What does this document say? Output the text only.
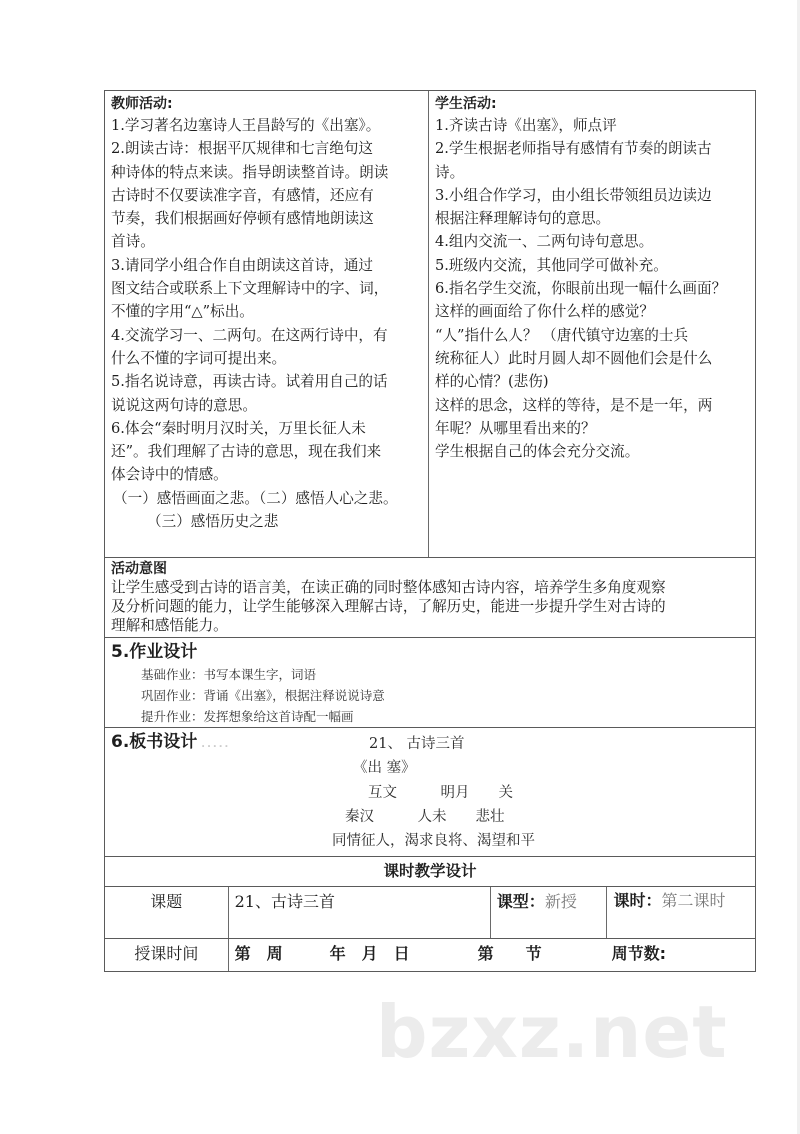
教师活动:
1.学习著名边塞诗人王昌龄写的《出塞》。
2.朗读古诗：根据平仄规律和七言绝句这
种诗体的特点来读。指导朗读整首诗。朗读
古诗时不仅要读准字音，有感情，还应有
节奏，我们根据画好停顿有感情地朗读这
首诗。
3.请同学小组合作自由朗读这首诗，通过
图文结合或联系上下文理解诗中的字、词，
不懂的字用“△”标出。
4.交流学习一、二两句。在这两行诗中，有
什么不懂的字词可提出来。
5.指名说诗意，再读古诗。试着用自己的话
说说这两句诗的意思。
6.体会“秦时明月汉时关，万里长征人未
还”。我们理解了古诗的意思，现在我们来
体会诗中的情感。
（一）感悟画面之悲。（二）感悟人心之悲。
（三）感悟历史之悲
学生活动:
1.齐读古诗《出塞》，师点评
2.学生根据老师指导有感情有节奏的朗读古
诗。
3.小组合作学习，由小组长带领组员边读边
根据注释理解诗句的意思。
4.组内交流一、二两句诗句意思。
5.班级内交流，其他同学可做补充。
6.指名学生交流，你眼前出现一幅什么画面？
这样的画面给了你什么样的感觉？
“人”指什么人？ （唐代镇守边塞的士兵
统称征人）此时月圆人却不圆他们会是什么
样的心情？(悲伤)
这样的思念，这样的等待，是不是一年，两
年呢？从哪里看出来的？
学生根据自己的体会充分交流。
活动意图
让学生感受到古诗的语言美，在读正确的同时整体感知古诗内容，培养学生多角度观察
及分析问题的能力，让学生能够深入理解古诗，了解历史，能进一步提升学生对古诗的
理解和感悟能力。
5.作业设计
基础作业：书写本课生字，词语
巩固作业：背诵《出塞》，根据注释说说诗意
提升作业：发挥想象给这首诗配一幅画
6.板书设计 .....	21、 古诗三首
《出 塞》
互文　　　明月　　关
秦汉　　　人未　　悲壮
同情征人，渴求良将、渴望和平
课时教学设计
课题	21、古诗三首	课型：新授	课时：第二课时
授课时间	第　周	年　月　日	第　　节	周节数:
bzxz.net
